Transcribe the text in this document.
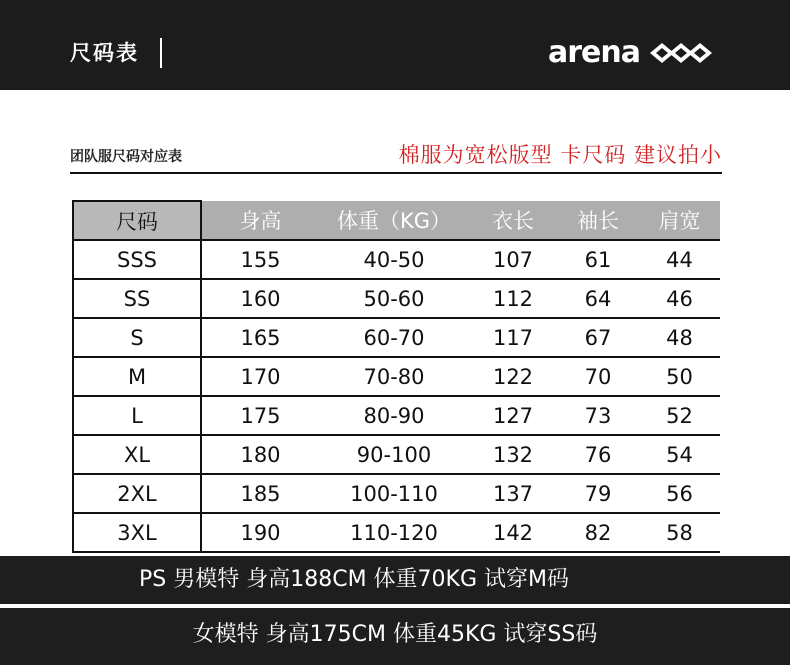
尺码表	arena
团队服尺码对应表	棉服为宽松版型 卡尺码 建议拍小
尺码	身高	体重（KG）	衣长	袖长	肩宽
SSS	155	40-50	107	61	44
SS	160	50-60	112	64	46
S	165	60-70	117	67	48
M	170	70-80	122	70	50
L	175	80-90	127	73	52
XL	180	90-100	132	76	54
2XL	185	100-110	137	79	56
3XL	190	110-120	142	82	58
PS 男模特 身高188CM 体重70KG 试穿M码
女模特 身高175CM 体重45KG 试穿SS码
